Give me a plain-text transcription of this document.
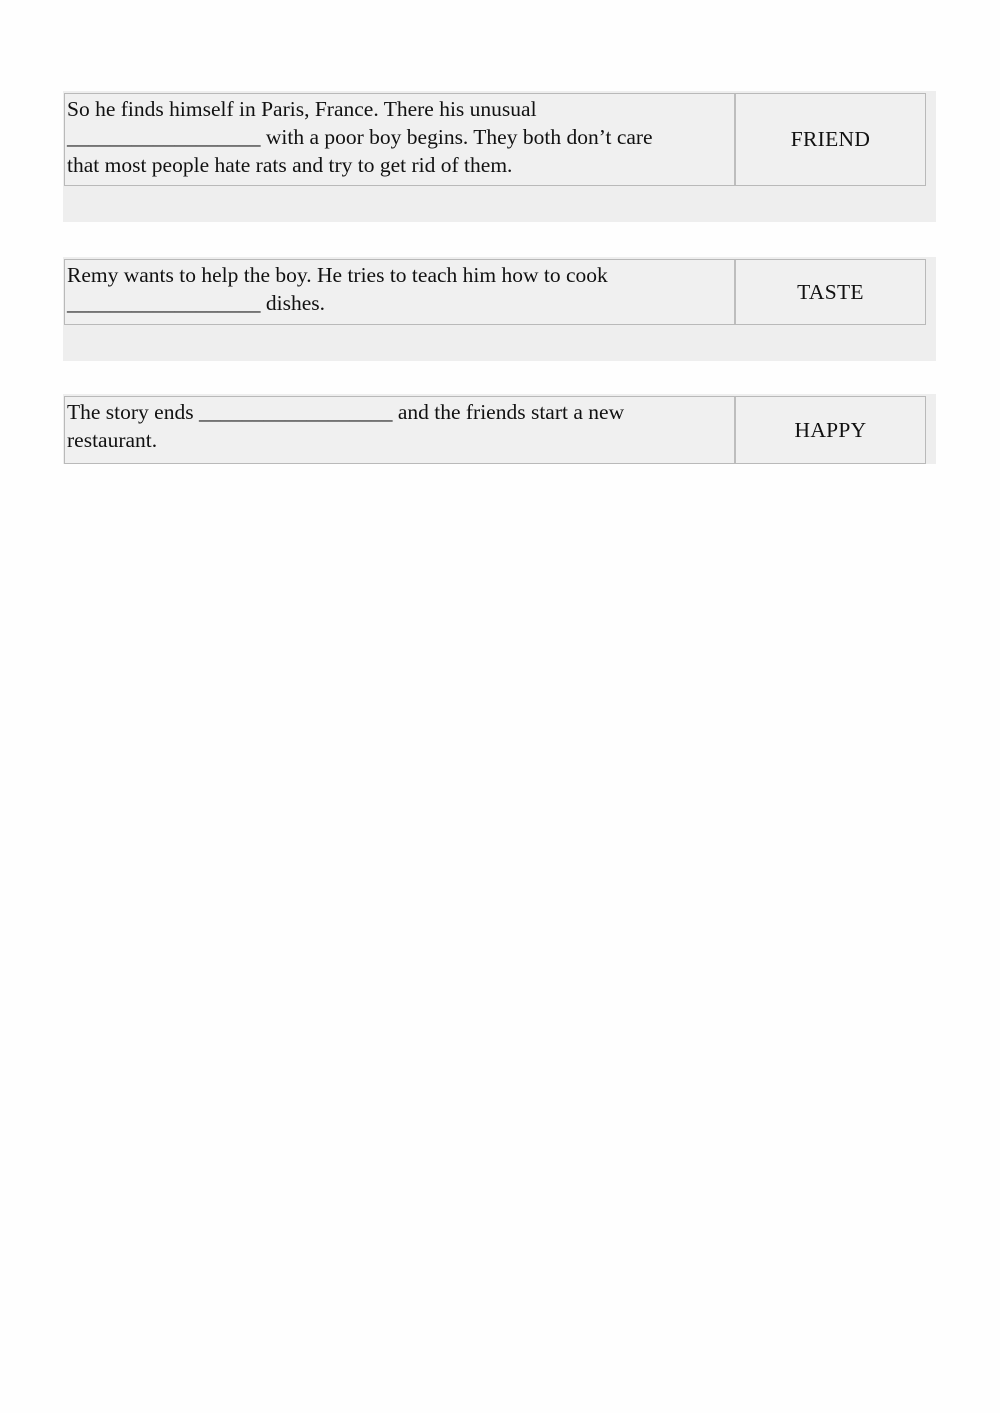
So he finds himself in Paris, France. There his unusual
__________________ with a poor boy begins. They both don’t care
that most people hate rats and try to get rid of them.
FRIEND
Remy wants to help the boy. He tries to teach him how to cook
__________________ dishes.	TASTE
The story ends __________________ and the friends start a new
restaurant.	HAPPY
